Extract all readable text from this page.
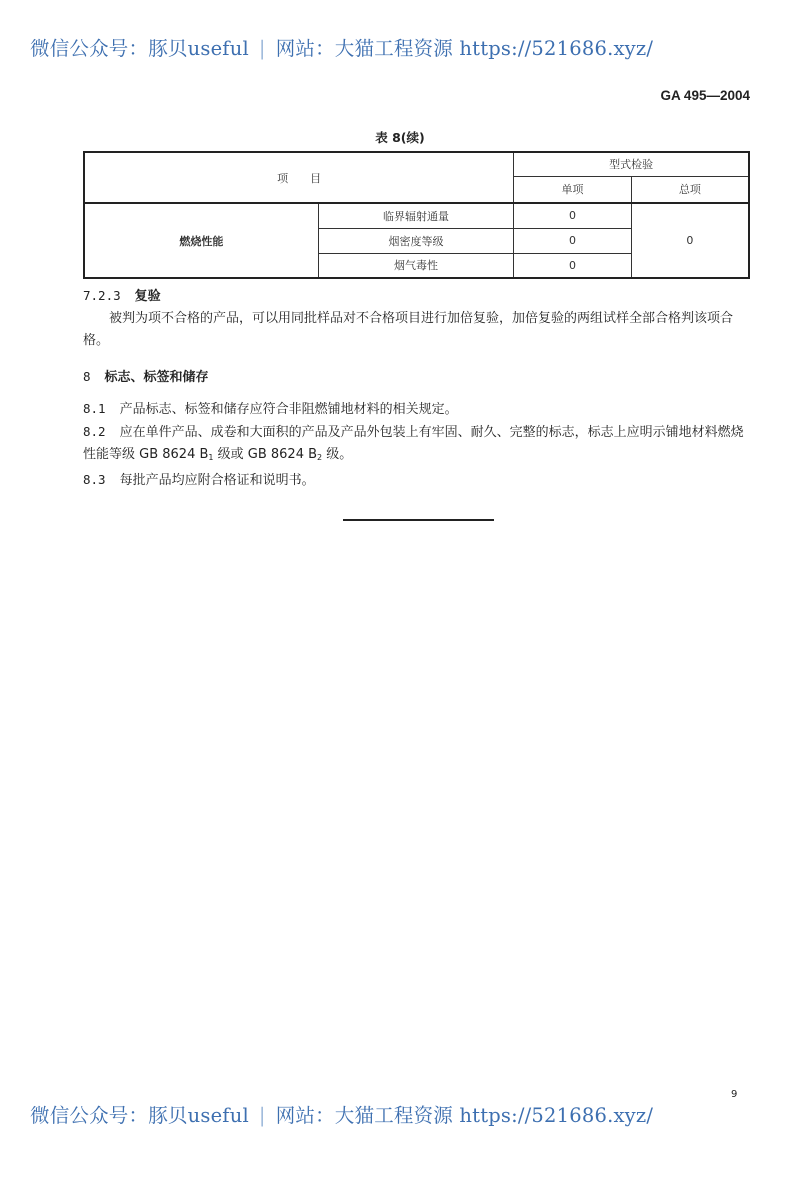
微信公众号：豚贝useful | 网站：大猫工程资源 https://521686.xyz/
GA 495—2004
表 8(续)
项　　目		型式检验	
		单项	总项
燃烧性能	临界辐射通量	0	0
	烟密度等级	0	
	烟气毒性	0	

7.2.3 复验

被判为项不合格的产品，可以用同批样品对不合格项目进行加倍复验，加倍复验的两组试样全部合格判该项合格。

8 标志、标签和储存

8.1 产品标志、标签和储存应符合非阻燃铺地材料的相关规定。

8.2 应在单件产品、成卷和大面积的产品及产品外包装上有牢固、耐久、完整的标志，标志上应明示铺地材料燃烧性能等级 GB 8624 $B_1$ 级或 GB 8624 $B_2$ 级。

8.3 每批产品均应附合格证和说明书。

9
微信公众号：豚贝useful | 网站：大猫工程资源 https://521686.xyz/
